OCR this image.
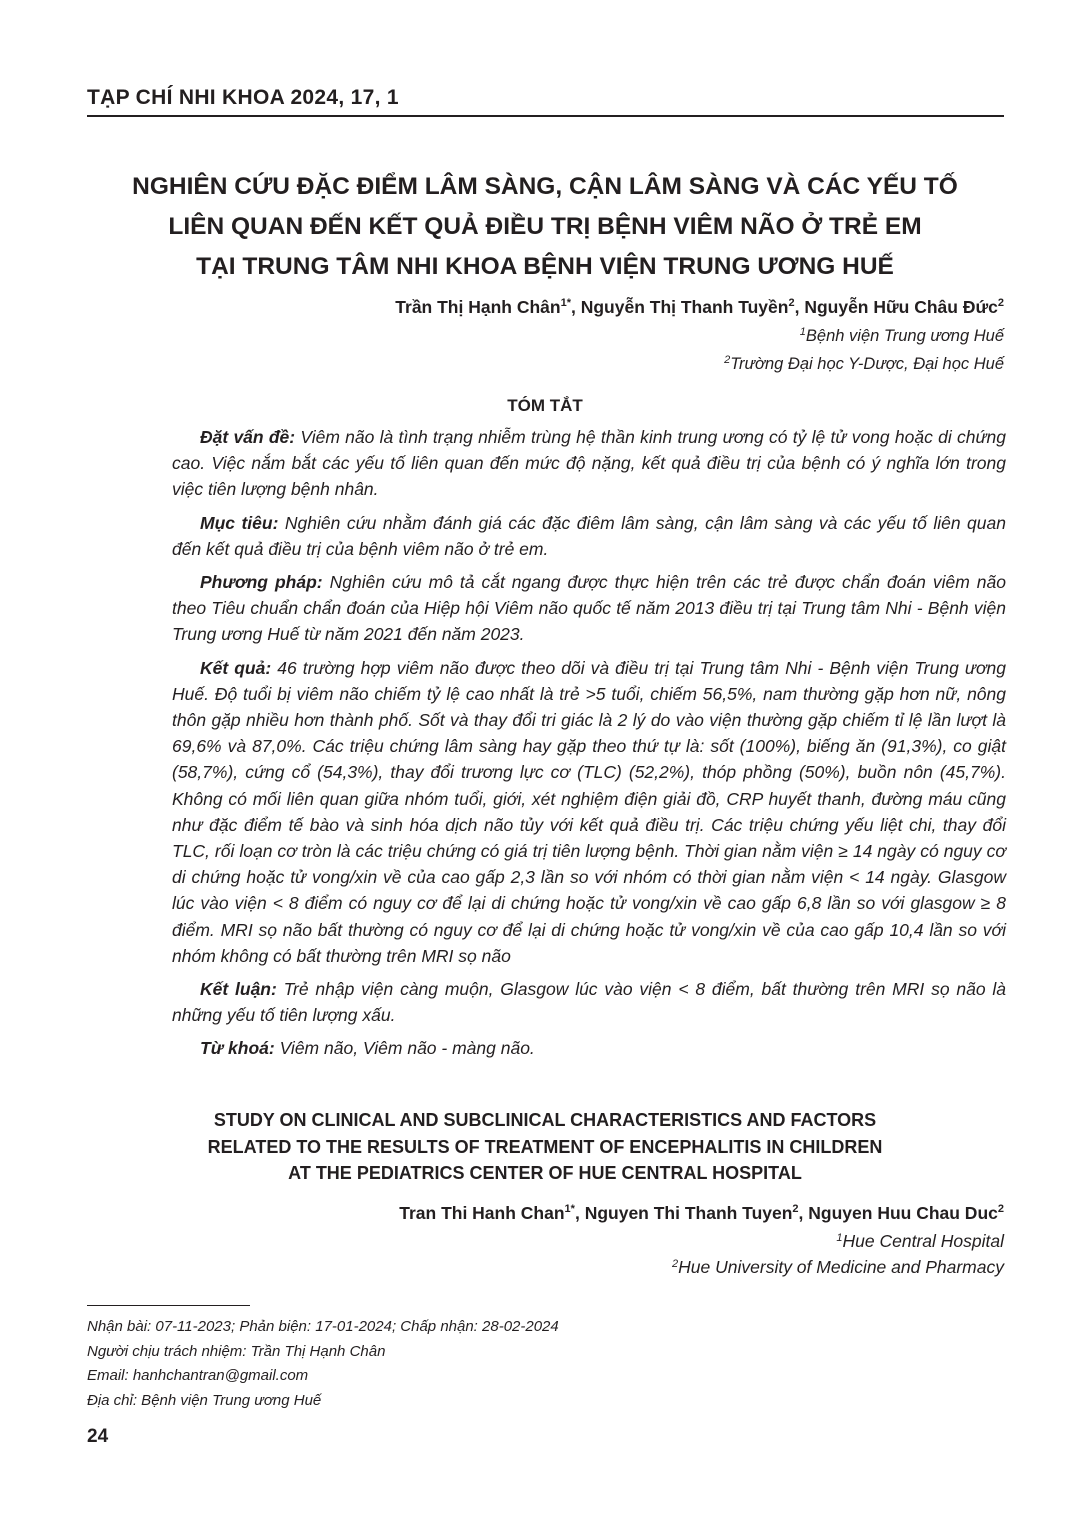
TẠP CHÍ NHI KHOA 2024, 17, 1
NGHIÊN CỨU ĐẶC ĐIỂM LÂM SÀNG, CẬN LÂM SÀNG VÀ CÁC YẾU TỐ
LIÊN QUAN ĐẾN KẾT QUẢ ĐIỀU TRỊ BỆNH VIÊM NÃO Ở TRẺ EM
TẠI TRUNG TÂM NHI KHOA BỆNH VIỆN TRUNG ƯƠNG HUẾ
Trần Thị Hạnh Chân$^{1*}$, Nguyễn Thị Thanh Tuyền$^2$, Nguyễn Hữu Châu Đức$^2$
$^1$Bệnh viện Trung ương Huế
$^2$Trường Đại học Y-Dược, Đại học Huế
TÓM TẮT

Đặt vấn đề: Viêm não là tình trạng nhiễm trùng hệ thần kinh trung ương có tỷ lệ tử vong hoặc di chứng cao. Việc nắm bắt các yếu tố liên quan đến mức độ nặng, kết quả điều trị của bệnh có ý nghĩa lớn trong việc tiên lượng bệnh nhân.

Mục tiêu: Nghiên cứu nhằm đánh giá các đặc điêm lâm sàng, cận lâm sàng và các yếu tố liên quan đến kết quả điều trị của bệnh viêm não ở trẻ em.

Phương pháp: Nghiên cứu mô tả cắt ngang được thực hiện trên các trẻ được chẩn đoán viêm não theo Tiêu chuẩn chẩn đoán của Hiệp hội Viêm não quốc tế năm 2013 điều trị tại Trung tâm Nhi - Bệnh viện Trung ương Huế từ năm 2021 đến năm 2023.

Kết quả: 46 trường hợp viêm não được theo dõi và điều trị tại Trung tâm Nhi - Bệnh viện Trung ương Huế. Độ tuổi bị viêm não chiếm tỷ lệ cao nhất là trẻ >5 tuổi, chiếm 56,5%, nam thường gặp hơn nữ, nông thôn gặp nhiều hơn thành phố. Sốt và thay đổi tri giác là 2 lý do vào viện thường gặp chiếm tỉ lệ lần lượt là 69,6% và 87,0%. Các triệu chứng lâm sàng hay gặp theo thứ tự là: sốt (100%), biếng ăn (91,3%), co giật (58,7%), cứng cổ (54,3%), thay đổi trương lực cơ (TLC) (52,2%), thóp phồng (50%), buồn nôn (45,7%). Không có mối liên quan giữa nhóm tuổi, giới, xét nghiệm điện giải đồ, CRP huyết thanh, đường máu cũng như đặc điểm tế bào và sinh hóa dịch não tủy với kết quả điều trị. Các triệu chứng yếu liệt chi, thay đổi TLC, rối loạn cơ tròn là các triệu chứng có giá trị tiên lượng bệnh. Thời gian nằm viện ≥ 14 ngày có nguy cơ di chứng hoặc tử vong/xin về của cao gấp 2,3 lần so với nhóm có thời gian nằm viện < 14 ngày. Glasgow lúc vào viện < 8 điểm có nguy cơ để lại di chứng hoặc tử vong/xin về cao gấp 6,8 lần so với glasgow ≥ 8 điểm. MRI sọ não bất thường có nguy cơ để lại di chứng hoặc tử vong/xin về của cao gấp 10,4 lần so với nhóm không có bất thường trên MRI sọ não

Kết luận: Trẻ nhập viện càng muộn, Glasgow lúc vào viện < 8 điểm, bất thường trên MRI sọ não là những yếu tố tiên lượng xấu.

Từ khoá: Viêm não, Viêm não - màng não.

STUDY ON CLINICAL AND SUBCLINICAL CHARACTERISTICS AND FACTORS
RELATED TO THE RESULTS OF TREATMENT OF ENCEPHALITIS IN CHILDREN
AT THE PEDIATRICS CENTER OF HUE CENTRAL HOSPITAL
Tran Thi Hanh Chan$^{1*}$, Nguyen Thi Thanh Tuyen$^2$, Nguyen Huu Chau Duc$^2$
$^1$Hue Central Hospital
$^2$Hue University of Medicine and Pharmacy
Nhận bài: 07-11-2023; Phản biện: 17-01-2024; Chấp nhận: 28-02-2024
Người chịu trách nhiệm: Trần Thị Hạnh Chân
Email: hanhchantran@gmail.com
Địa chỉ: Bệnh viện Trung ương Huế
24
